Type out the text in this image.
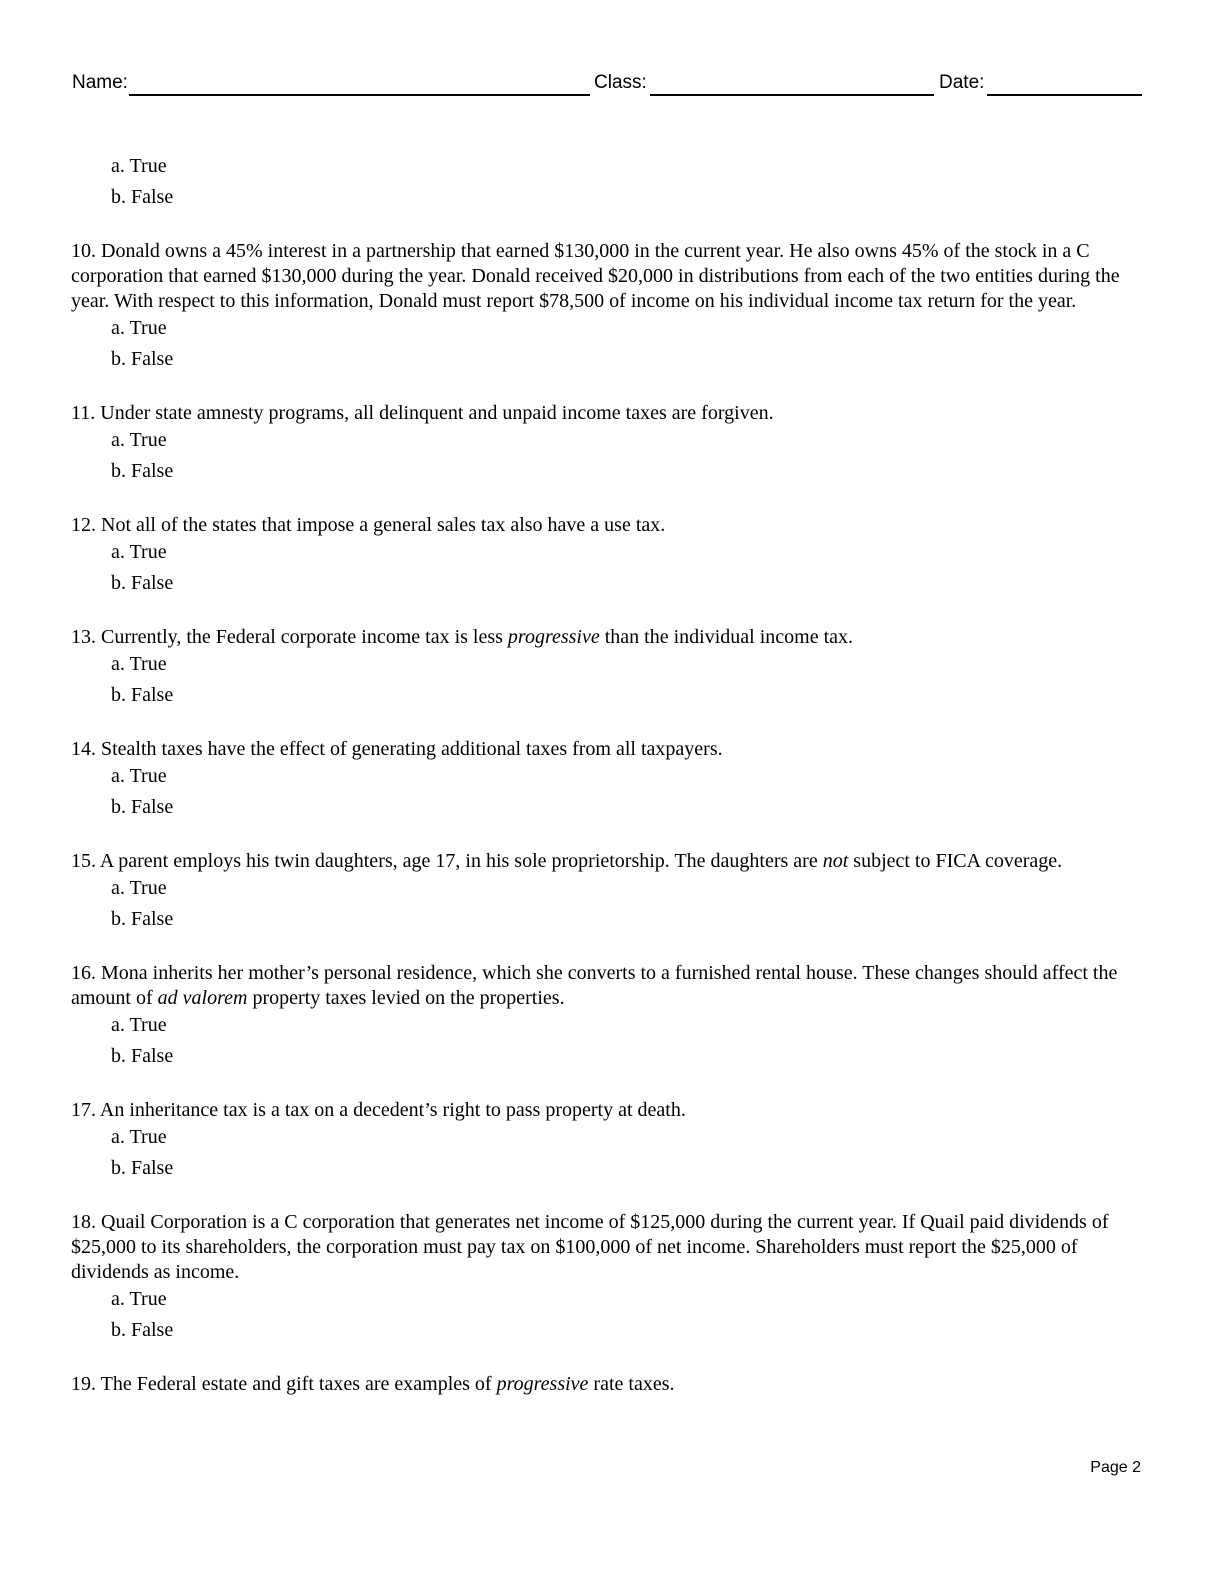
Name:	Class:	Date:
a. True
b. False
10. Donald owns a 45% interest in a partnership that earned $130,000 in the current year. He also owns 45% of the stock in a C corporation that earned $130,000 during the year. Donald received $20,000 in distributions from each of the two entities during the year. With respect to this information, Donald must report $78,500 of income on his individual income tax return for the year.
a. True
b. False
11. Under state amnesty programs, all delinquent and unpaid income taxes are forgiven.
a. True
b. False
12. Not all of the states that impose a general sales tax also have a use tax.
a. True
b. False
13. Currently, the Federal corporate income tax is less progressive than the individual income tax.
a. True
b. False
14. Stealth taxes have the effect of generating additional taxes from all taxpayers.
a. True
b. False
15. A parent employs his twin daughters, age 17, in his sole proprietorship. The daughters are not subject to FICA coverage.
a. True
b. False
16. Mona inherits her mother’s personal residence, which she converts to a furnished rental house. These changes should affect the amount of ad valorem property taxes levied on the properties.
a. True
b. False
17. An inheritance tax is a tax on a decedent’s right to pass property at death.
a. True
b. False
18. Quail Corporation is a C corporation that generates net income of $125,000 during the current year. If Quail paid dividends of $25,000 to its shareholders, the corporation must pay tax on $100,000 of net income. Shareholders must report the $25,000 of dividends as income.
a. True
b. False
19. The Federal estate and gift taxes are examples of progressive rate taxes.
Page 2
